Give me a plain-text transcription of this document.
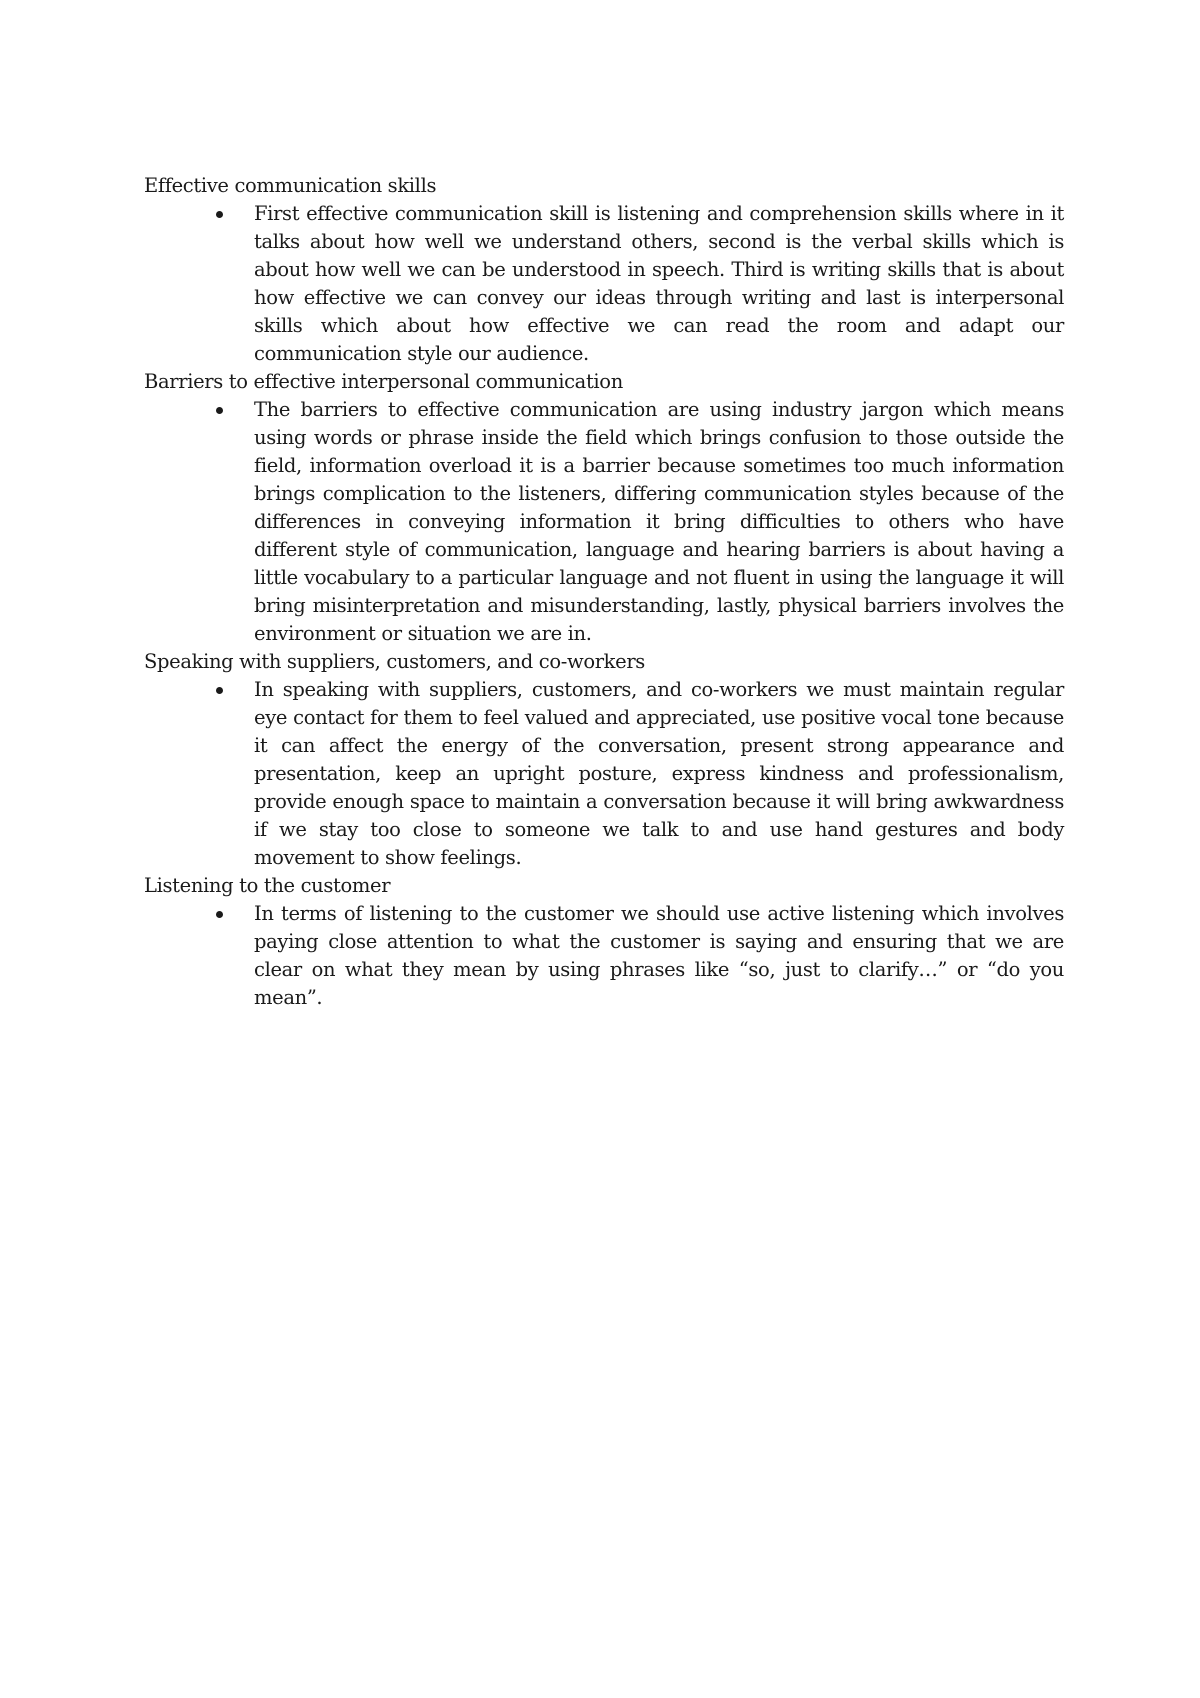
Effective communication skills

First effective communication skill is listening and comprehension skills where in it talks about how well we understand others, second is the verbal skills which is about how well we can be understood in speech. Third is writing skills that is about how effective we can convey our ideas through writing and last is interpersonal skills which about how effective we can read the room and adapt our communication style our audience.

Barriers to effective interpersonal communication

The barriers to effective communication are using industry jargon which means using words or phrase inside the field which brings confusion to those outside the field, information overload it is a barrier because sometimes too much information brings complication to the listeners, differing communication styles because of the differences in conveying information it bring difficulties to others who have different style of communication, language and hearing barriers is about having a little vocabulary to a particular language and not fluent in using the language it will bring misinterpretation and misunderstanding, lastly, physical barriers involves the environment or situation we are in.

Speaking with suppliers, customers, and co-workers

In speaking with suppliers, customers, and co-workers we must maintain regular eye contact for them to feel valued and appreciated, use positive vocal tone because it can affect the energy of the conversation, present strong appearance and presentation, keep an upright posture, express kindness and professionalism, provide enough space to maintain a conversation because it will bring awkwardness if we stay too close to someone we talk to and use hand gestures and body movement to show feelings.

Listening to the customer

In terms of listening to the customer we should use active listening which involves paying close attention to what the customer is saying and ensuring that we are clear on what they mean by using phrases like “so, just to clarify…” or “do you mean”.
